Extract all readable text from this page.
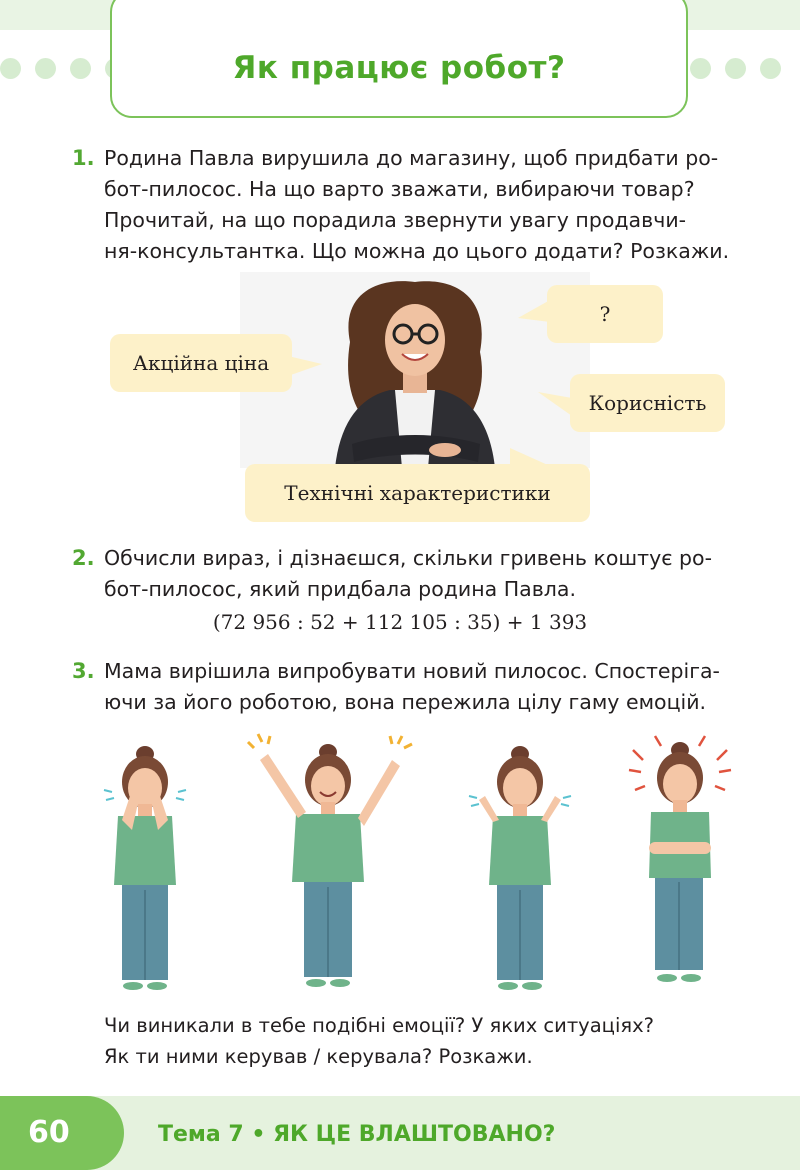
Як працює робот?
1. Родина Павла вирушила до магазину, щоб придбати ро-
бот-пилосос. На що варто зважати, вибираючи товар?
Прочитай, на що порадила звернути увагу продавчи-
ня-консультантка. Що можна до цього додати? Розкажи.
Акційна ціна
?
Корисність
Технічні характеристики
2. Обчисли вираз, і дізнаєшся, скільки гривень коштує ро-
бот-пилосос, який придбала родина Павла.
(72 956 : 52 + 112 105 : 35) + 1 393
3. Мама вирішила випробувати новий пилосос. Спостеріга-
ючи за його роботою, вона пережила цілу гаму емоцій.
Чи виникали в тебе подібні емоції? У яких ситуаціях?
Як ти ними керував / керувала? Розкажи.
60	Тема 7 • ЯК ЦЕ ВЛАШТОВАНО?
